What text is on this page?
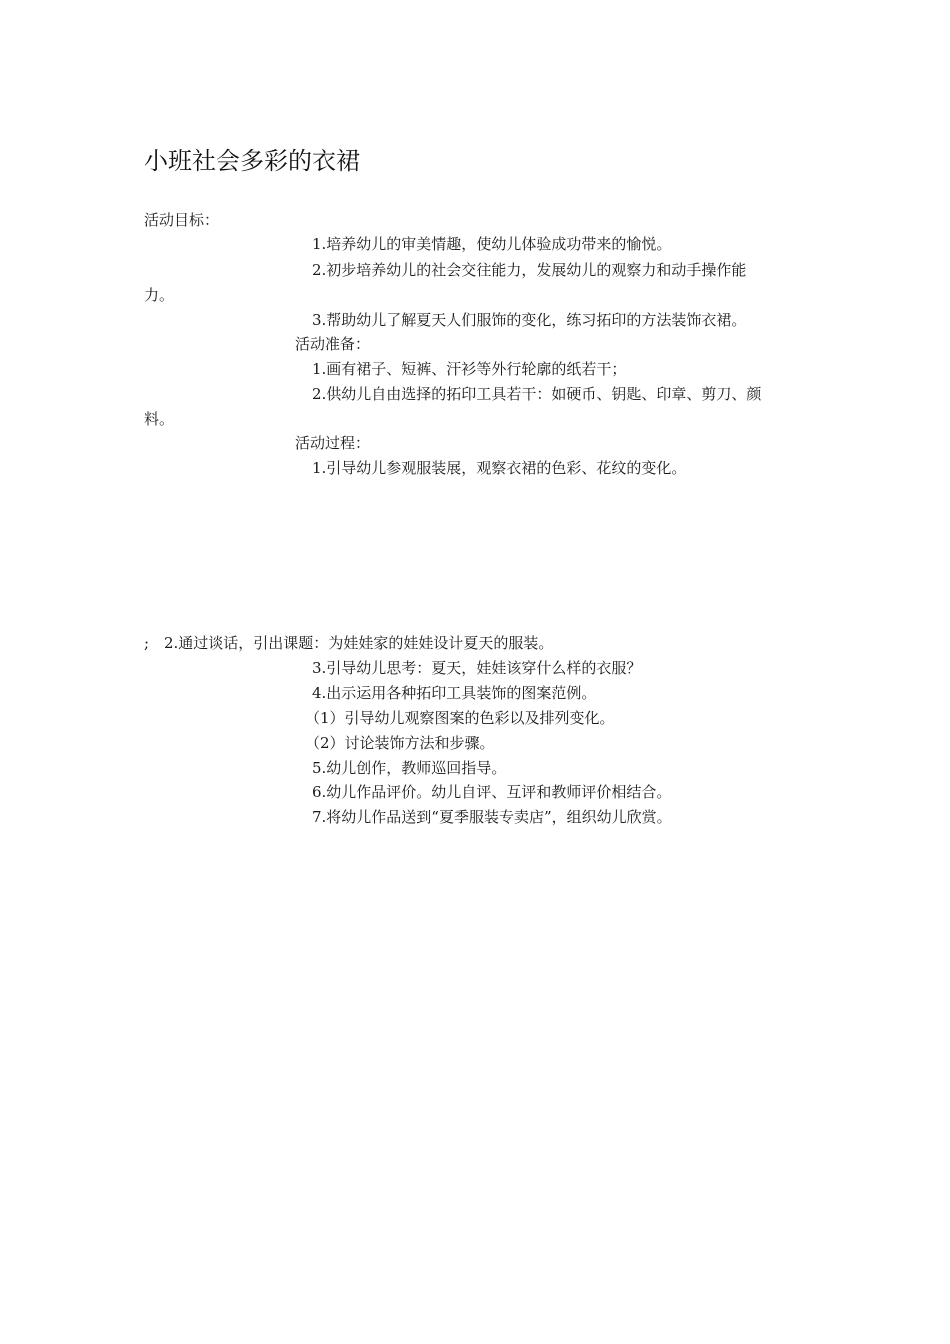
小班社会多彩的衣裙
活动目标：
1.培养幼儿的审美情趣，使幼儿体验成功带来的愉悦。
2.初步培养幼儿的社会交往能力，发展幼儿的观察力和动手操作能
力。
3.帮助幼儿了解夏天人们服饰的变化，练习拓印的方法装饰衣裙。
活动准备：
1.画有裙子、短裤、汗衫等外行轮廓的纸若干；
2.供幼儿自由选择的拓印工具若干：如硬币、钥匙、印章、剪刀、颜
料。
活动过程：
1.引导幼儿参观服装展，观察衣裙的色彩、花纹的变化。
; 2.通过谈话，引出课题：为娃娃家的娃娃设计夏天的服装。
3.引导幼儿思考：夏天，娃娃该穿什么样的衣服？
4.出示运用各种拓印工具装饰的图案范例。
（1）引导幼儿观察图案的色彩以及排列变化。
（2）讨论装饰方法和步骤。
5.幼儿创作，教师巡回指导。
6.幼儿作品评价。幼儿自评、互评和教师评价相结合。
7.将幼儿作品送到“夏季服装专卖店”，组织幼儿欣赏。
